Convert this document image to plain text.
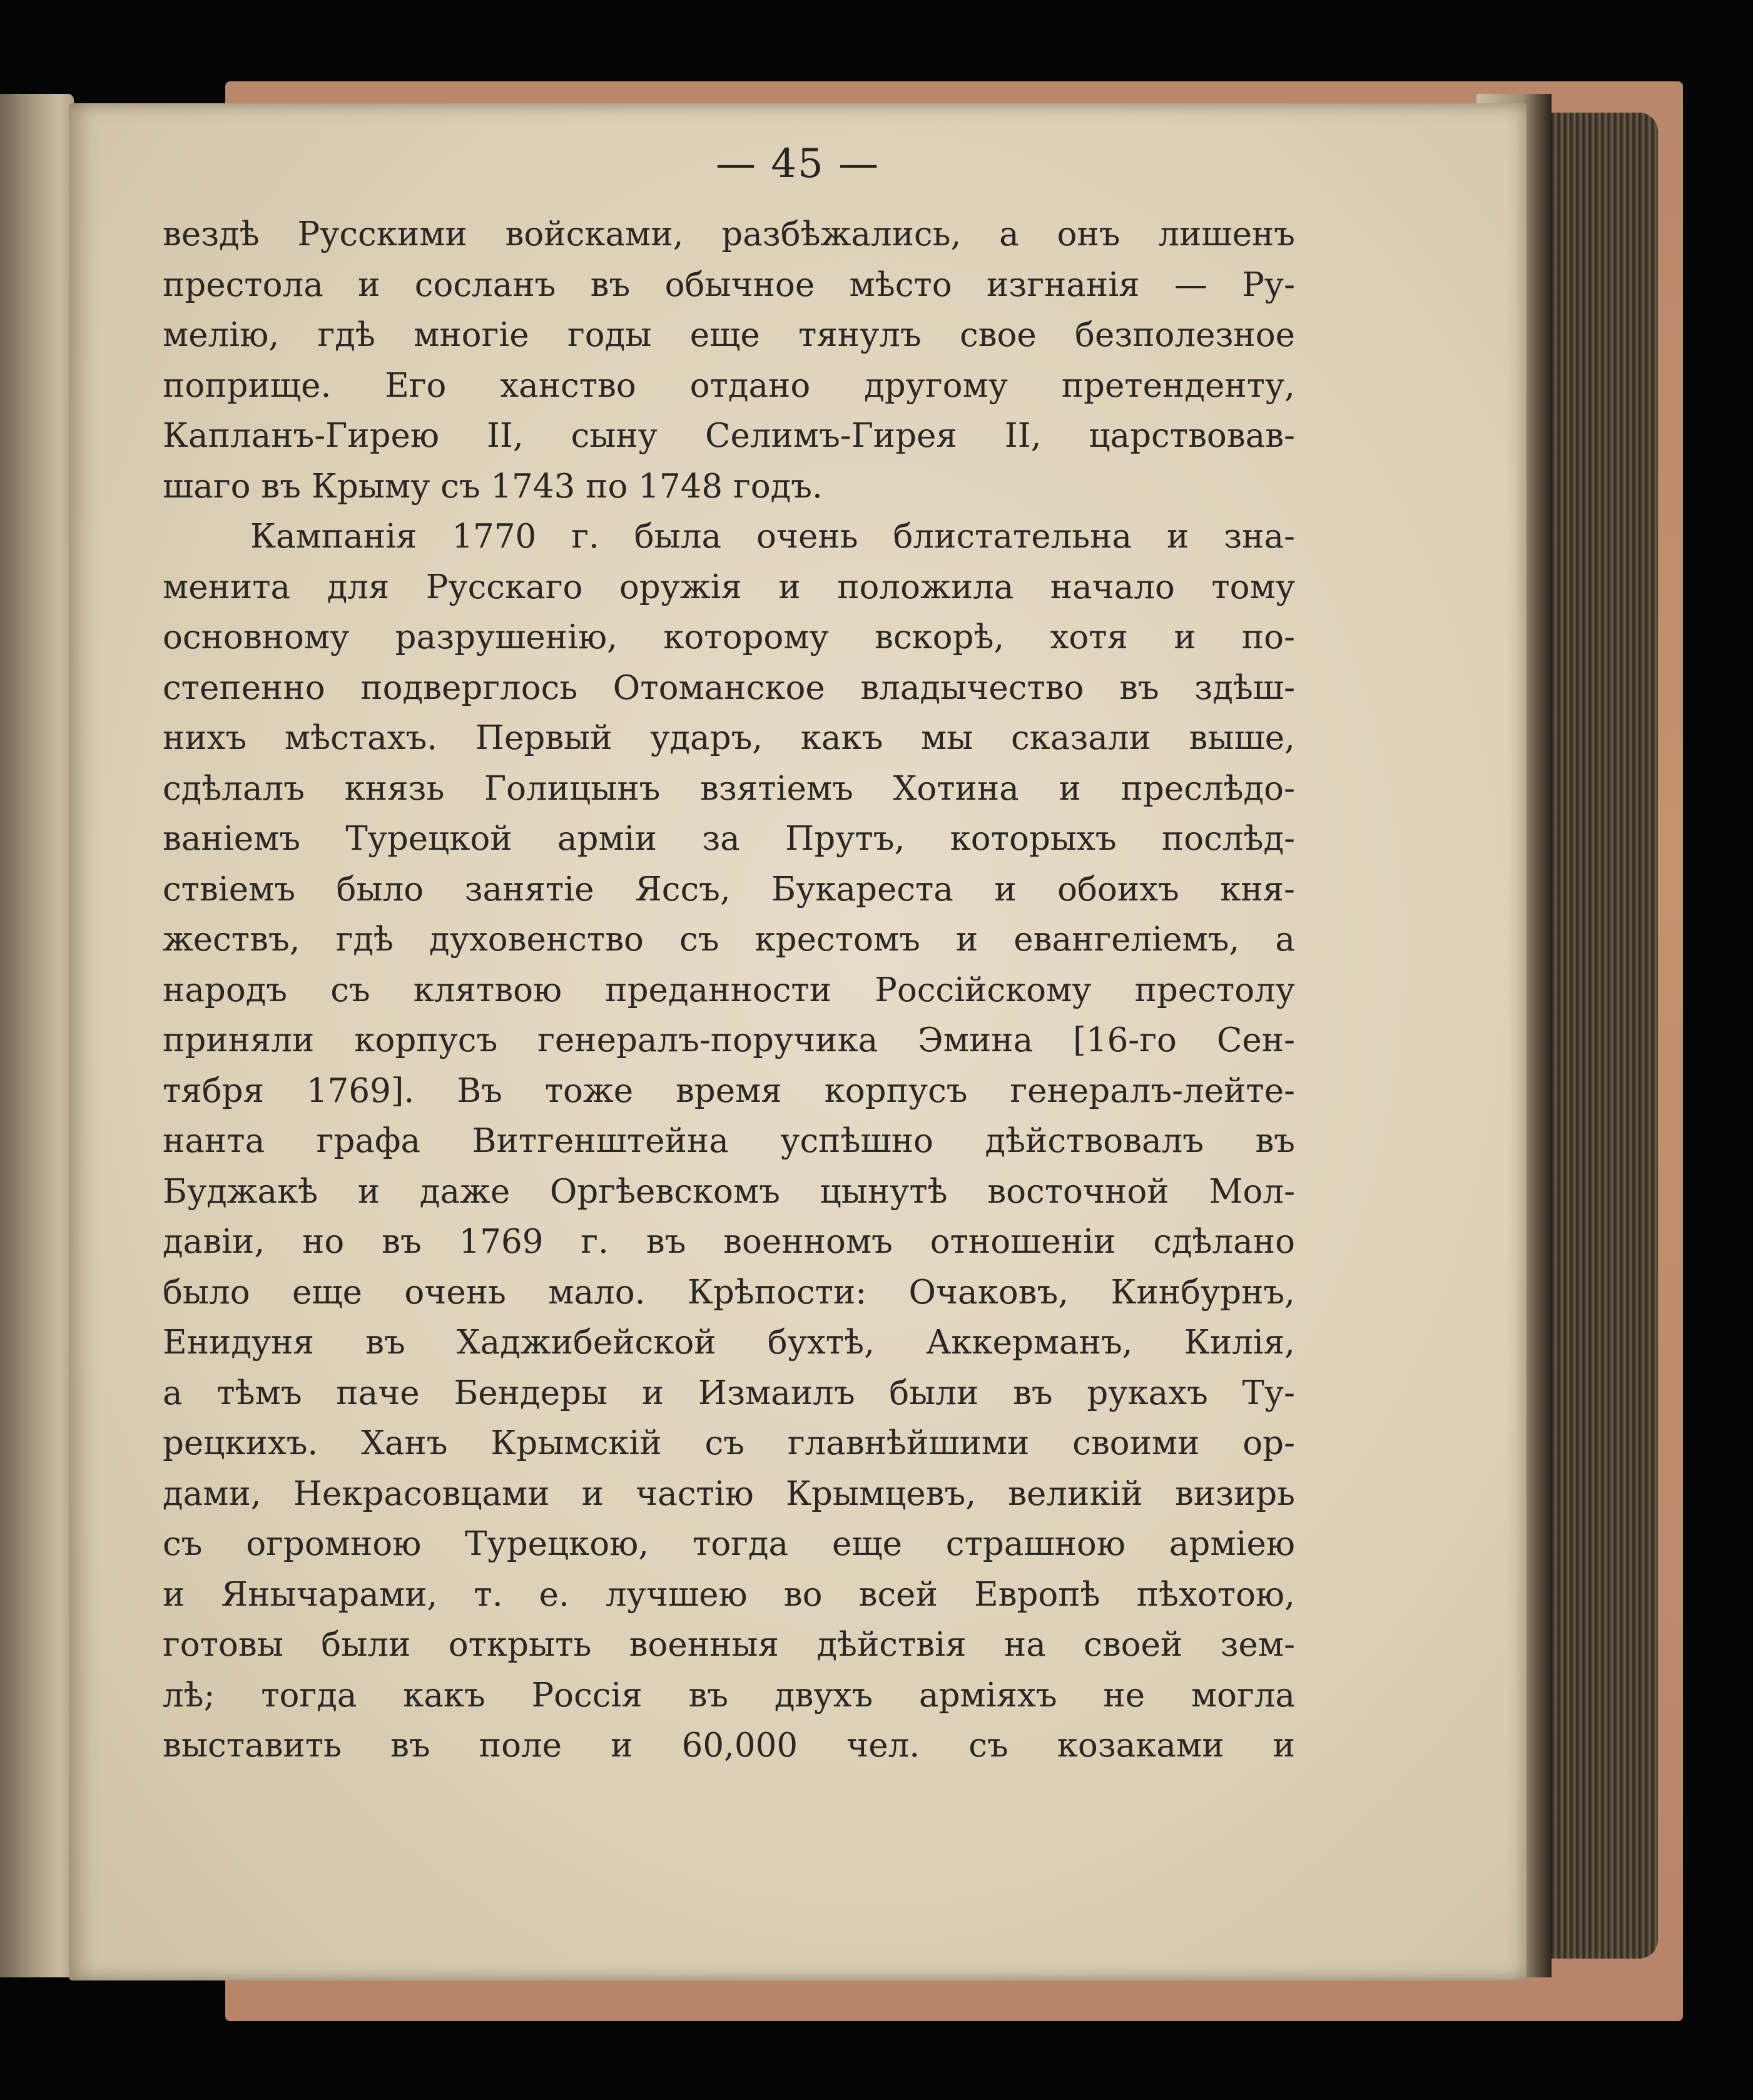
— 45 —
вездѣ Русскими войсками, разбѣжались, а онъ лишенъ
престола и сосланъ въ обычное мѣсто изгнанія — Ру-
мелію, гдѣ многіе годы еще тянулъ свое безполезное
поприще. Его ханство отдано другому претенденту,
Капланъ-Гирею II, сыну Селимъ-Гирея II, царствовав-
шаго въ Крыму съ 1743 по 1748 годъ.
Кампанія 1770 г. была очень блистательна и зна-
менита для Русскаго оружія и положила начало тому
основному разрушенію, которому вскорѣ, хотя и по-
степенно подверглось Отоманское владычество въ здѣш-
нихъ мѣстахъ. Первый ударъ, какъ мы сказали выше,
сдѣлалъ князь Голицынъ взятіемъ Хотина и преслѣдо-
ваніемъ Турецкой арміи за Прутъ, которыхъ послѣд-
ствіемъ было занятіе Яссъ, Букареста и обоихъ кня-
жествъ, гдѣ духовенство съ крестомъ и евангеліемъ, а
народъ съ клятвою преданности Россійскому престолу
приняли корпусъ генералъ-поручика Эмина [16-го Сен-
тября 1769]. Въ тоже время корпусъ генералъ-лейте-
нанта графа Витгенштейна успѣшно дѣйствовалъ въ
Буджакѣ и даже Оргѣевскомъ цынутѣ восточной Мол-
давіи, но въ 1769 г. въ военномъ отношеніи сдѣлано
было еще очень мало. Крѣпости: Очаковъ, Кинбурнъ,
Енидуня въ Хаджибейской бухтѣ, Аккерманъ, Килія,
а тѣмъ паче Бендеры и Измаилъ были въ рукахъ Ту-
рецкихъ. Ханъ Крымскій съ главнѣйшими своими ор-
дами, Некрасовцами и частію Крымцевъ, великій визирь
съ огромною Турецкою, тогда еще страшною арміею
и Янычарами, т. е. лучшею во всей Европѣ пѣхотою,
готовы были открыть военныя дѣйствія на своей зем-
лѣ; тогда какъ Россія въ двухъ арміяхъ не могла
выставить въ поле и 60,000 чел. съ козаками и
